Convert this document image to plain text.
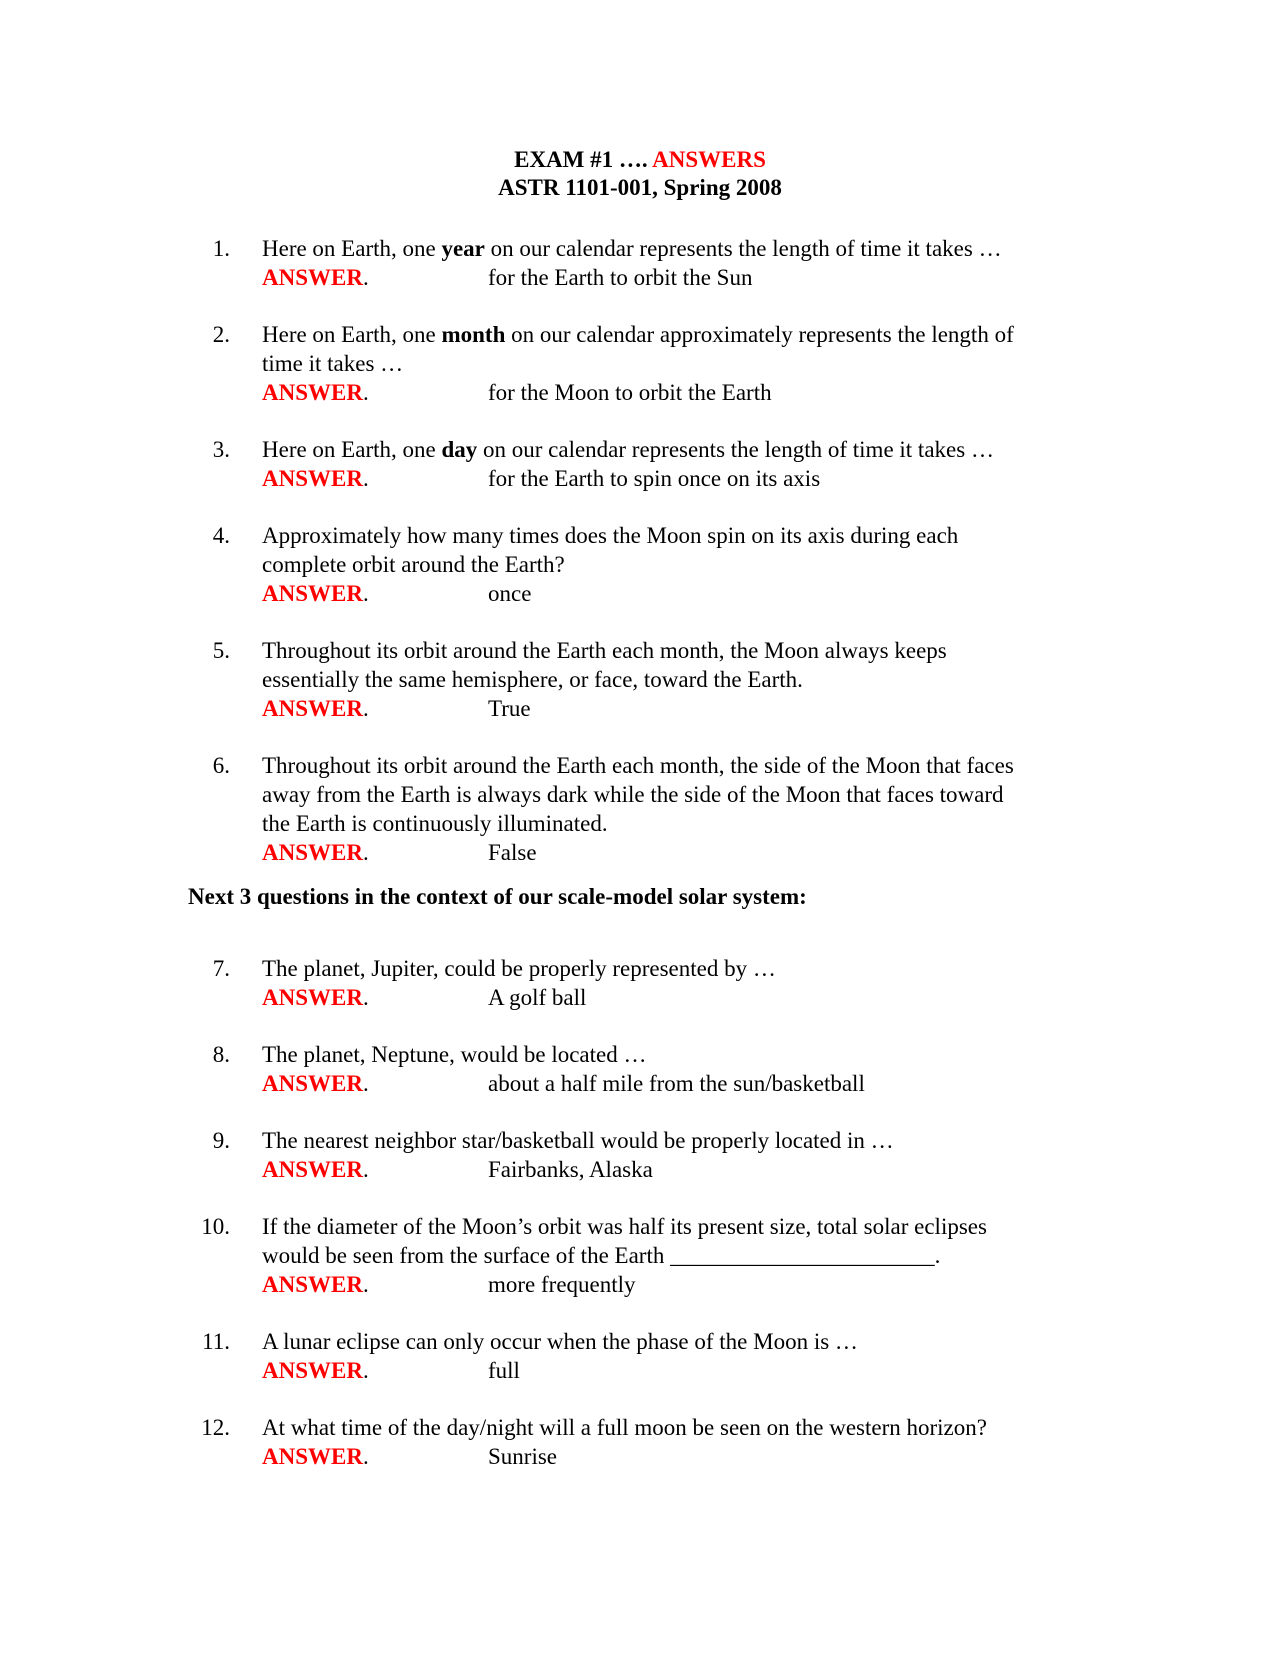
EXAM #1 …. ANSWERS
ASTR 1101-001, Spring 2008
1. Here on Earth, one year on our calendar represents the length of time it takes …
ANSWER.	for the Earth to orbit the Sun
2. Here on Earth, one month on our calendar approximately represents the length of
time it takes …
ANSWER.	for the Moon to orbit the Earth
3. Here on Earth, one day on our calendar represents the length of time it takes …
ANSWER.	for the Earth to spin once on its axis
4. Approximately how many times does the Moon spin on its axis during each
complete orbit around the Earth?
ANSWER.	once
5. Throughout its orbit around the Earth each month, the Moon always keeps
essentially the same hemisphere, or face, toward the Earth.
ANSWER.	True
6. Throughout its orbit around the Earth each month, the side of the Moon that faces
away from the Earth is always dark while the side of the Moon that faces toward
the Earth is continuously illuminated.
ANSWER.	False
7. The planet, Jupiter, could be properly represented by …
ANSWER.	A golf ball
8. The planet, Neptune, would be located …
ANSWER.	about a half mile from the sun/basketball
9. The nearest neighbor star/basketball would be properly located in …
ANSWER.	Fairbanks, Alaska
10. If the diameter of the Moon’s orbit was half its present size, total solar eclipses
would be seen from the surface of the Earth _______________________.
ANSWER.	more frequently
11. A lunar eclipse can only occur when the phase of the Moon is …
ANSWER.	full
12. At what time of the day/night will a full moon be seen on the western horizon?
ANSWER.	Sunrise
Next 3 questions in the context of our scale-model solar system:
